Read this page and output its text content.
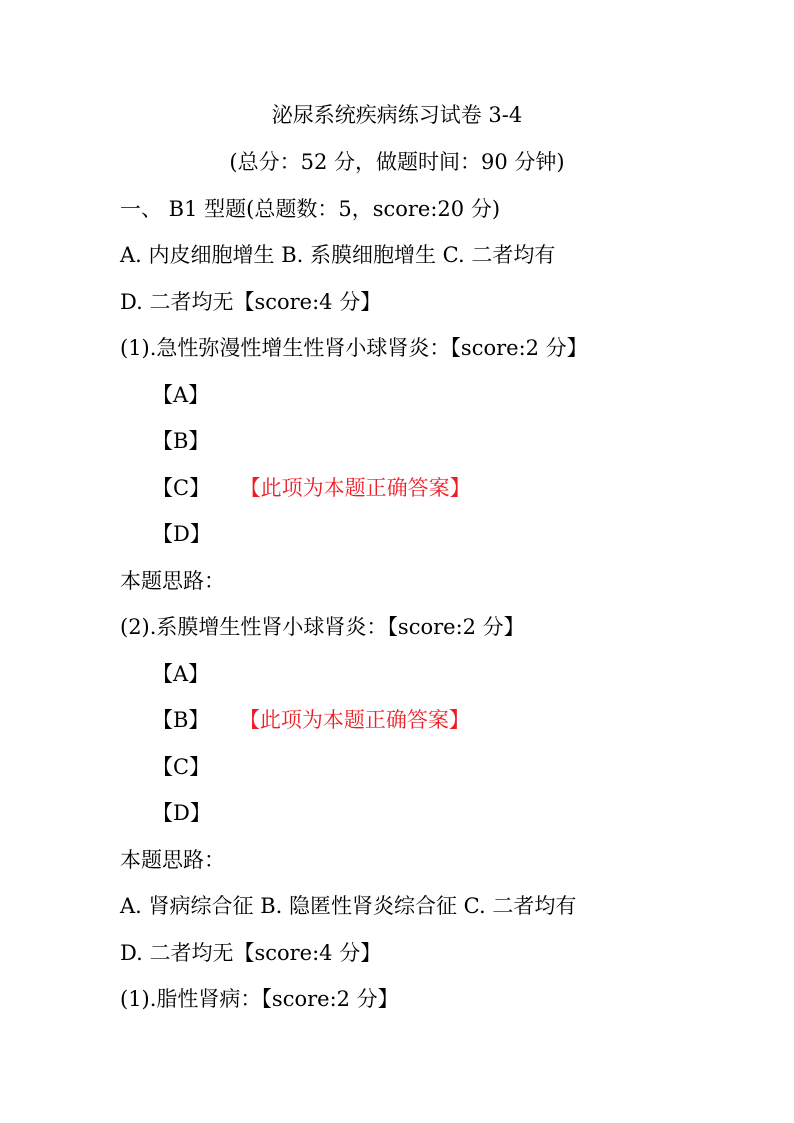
泌尿系统疾病练习试卷 3-4
(总分：52 分，做题时间：90 分钟)
一、 B1 型题(总题数：5，score:20 分)
A. 内皮细胞增生 B. 系膜细胞增生 C. 二者均有
D. 二者均无【score:4 分】
(1).急性弥漫性增生性肾小球肾炎：【score:2 分】
【A】
【B】
【C】 【此项为本题正确答案】
【D】
本题思路：
(2).系膜增生性肾小球肾炎：【score:2 分】
【A】
【B】 【此项为本题正确答案】
【C】
【D】
本题思路：
A. 肾病综合征 B. 隐匿性肾炎综合征 C. 二者均有
D. 二者均无【score:4 分】
(1).脂性肾病：【score:2 分】
